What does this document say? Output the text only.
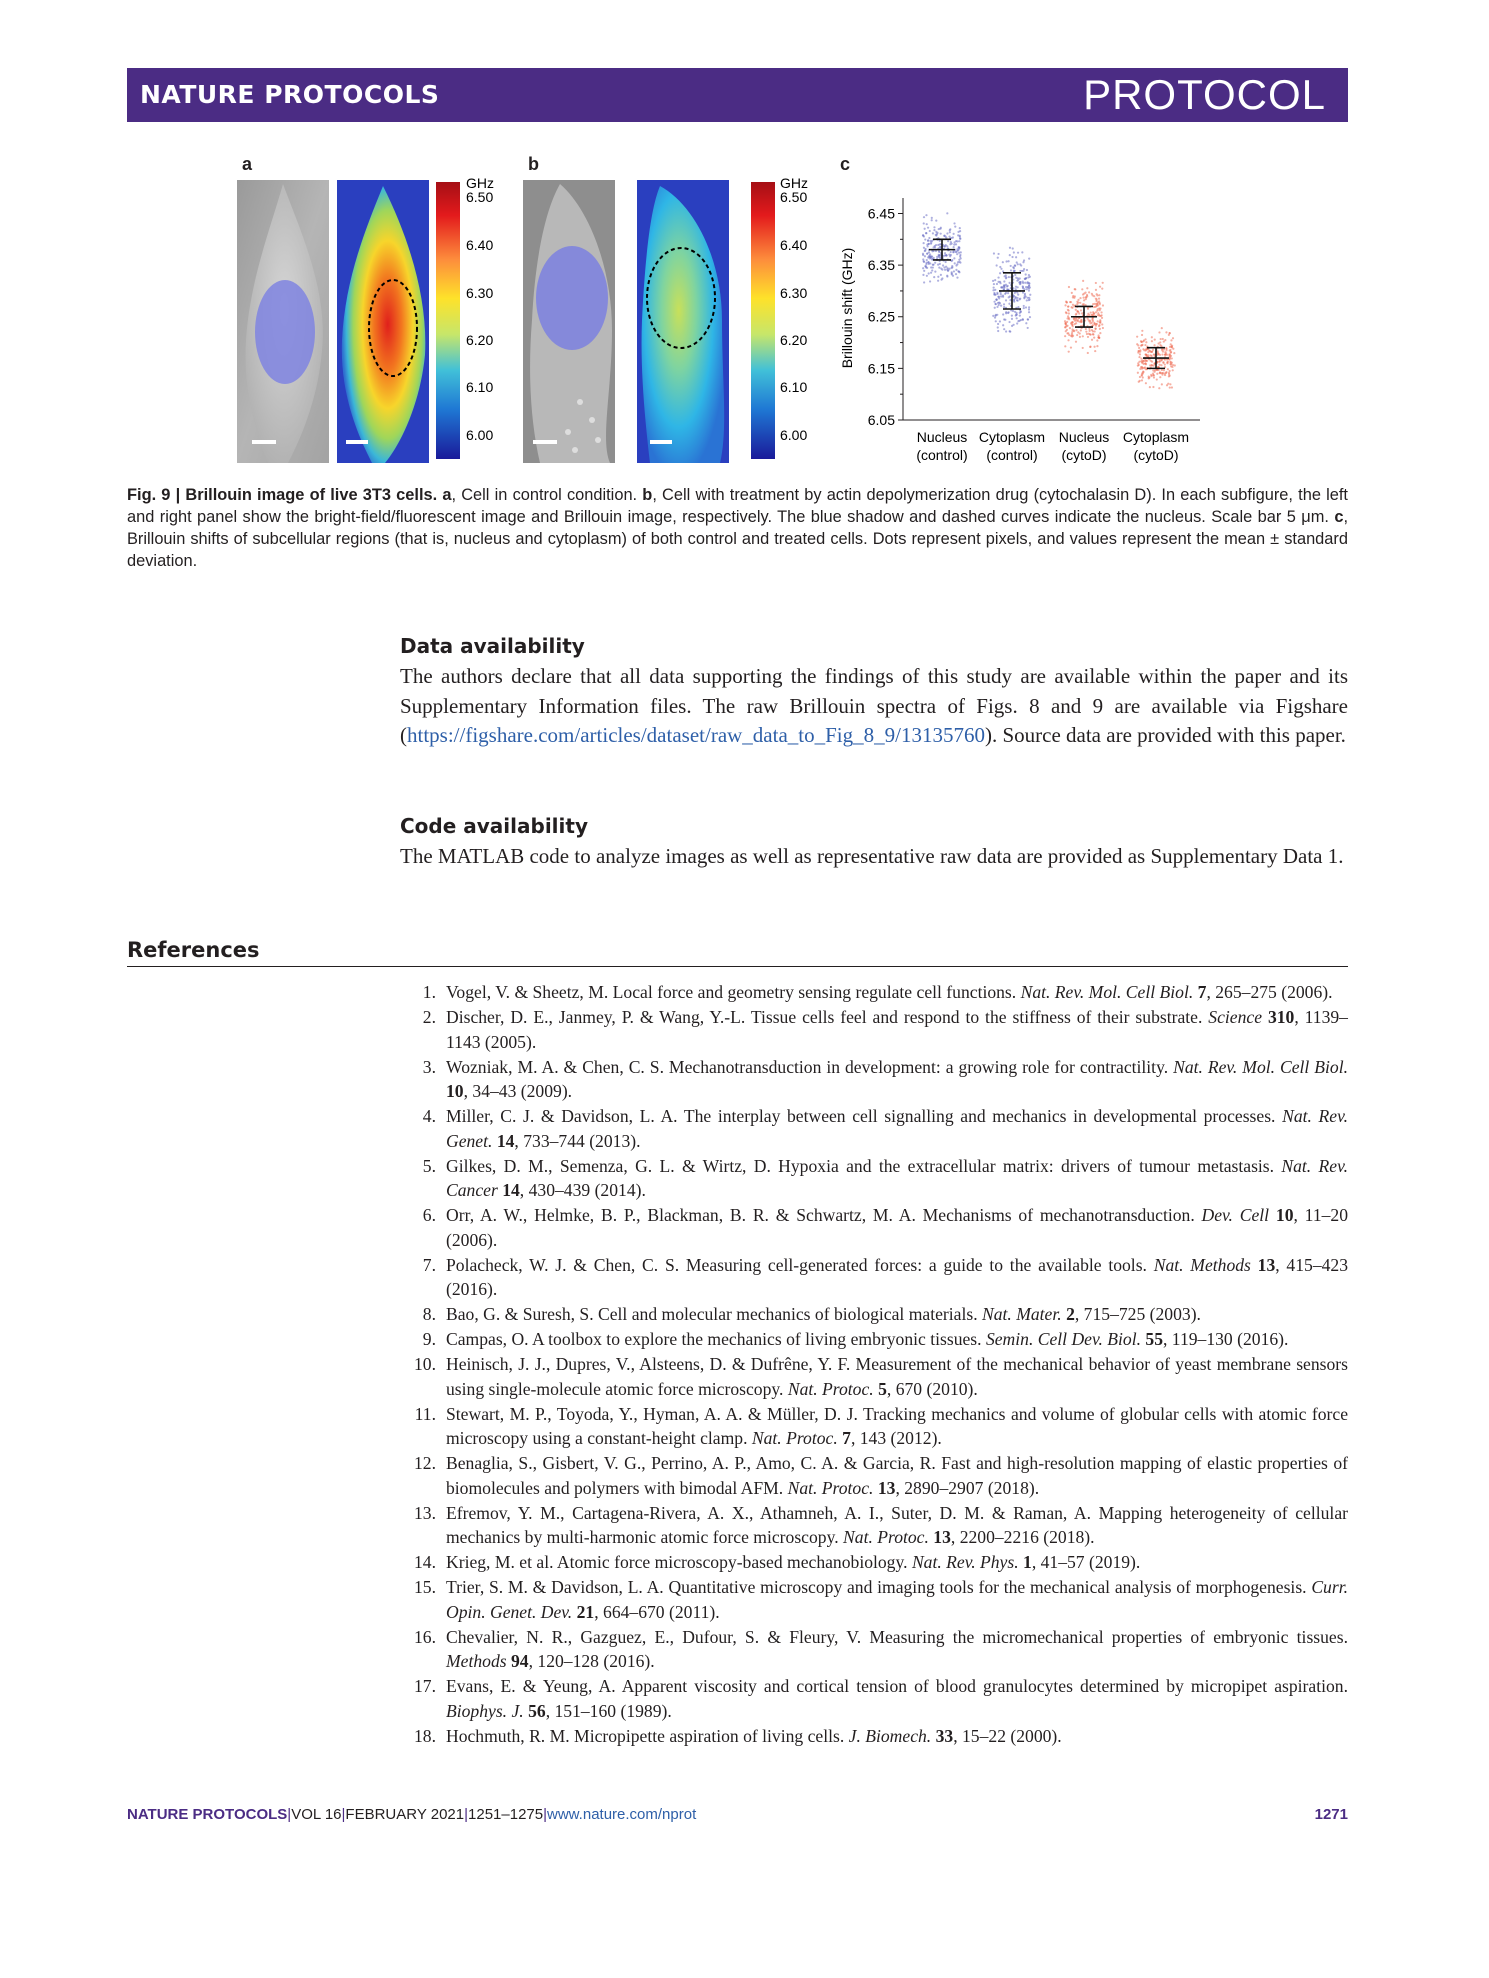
NATURE PROTOCOLS	PROTOCOL
a	b	c
GHz
6.50
6.40
6.30
6.20
6.10
6.00
GHz
6.50
6.40
6.30
6.20
6.10
6.00
Brillouin shift (GHz)
6.45
6.35
6.25
6.15
6.05
Nucleus
(control)
Cytoplasm
(control)
Nucleus
(cytoD)
Cytoplasm
(cytoD)
Fig. 9 | Brillouin image of live 3T3 cells. a, Cell in control condition. b, Cell with treatment by actin depolymerization drug (cytochalasin D). In each subfigure, the left and right panel show the bright-field/fluorescent image and Brillouin image, respectively. The blue shadow and dashed curves indicate the nucleus. Scale bar 5 μm. c, Brillouin shifts of subcellular regions (that is, nucleus and cytoplasm) of both control and treated cells. Dots represent pixels, and values represent the mean ± standard deviation.
Data availability

The authors declare that all data supporting the findings of this study are available within the paper and its Supplementary Information files. The raw Brillouin spectra of Figs. 8 and 9 are available via Figshare (https://figshare.com/articles/dataset/raw_data_to_Fig_8_9/13135760). Source data are provided with this paper.

Code availability

The MATLAB code to analyze images as well as representative raw data are provided as Supplementary Data 1.

References
1. Vogel, V. & Sheetz, M. Local force and geometry sensing regulate cell functions. Nat. Rev. Mol. Cell Biol. 7, 265–275 (2006).
2. Discher, D. E., Janmey, P. & Wang, Y.-L. Tissue cells feel and respond to the stiffness of their substrate. Science 310, 1139–1143 (2005).
3. Wozniak, M. A. & Chen, C. S. Mechanotransduction in development: a growing role for contractility. Nat. Rev. Mol. Cell Biol. 10, 34–43 (2009).
4. Miller, C. J. & Davidson, L. A. The interplay between cell signalling and mechanics in developmental processes. Nat. Rev. Genet. 14, 733–744 (2013).
5. Gilkes, D. M., Semenza, G. L. & Wirtz, D. Hypoxia and the extracellular matrix: drivers of tumour metastasis. Nat. Rev. Cancer 14, 430–439 (2014).
6. Orr, A. W., Helmke, B. P., Blackman, B. R. & Schwartz, M. A. Mechanisms of mechanotransduction. Dev. Cell 10, 11–20 (2006).
7. Polacheck, W. J. & Chen, C. S. Measuring cell-generated forces: a guide to the available tools. Nat. Methods 13, 415–423 (2016).
8. Bao, G. & Suresh, S. Cell and molecular mechanics of biological materials. Nat. Mater. 2, 715–725 (2003).
9. Campas, O. A toolbox to explore the mechanics of living embryonic tissues. Semin. Cell Dev. Biol. 55, 119–130 (2016).
10. Heinisch, J. J., Dupres, V., Alsteens, D. & Dufrêne, Y. F. Measurement of the mechanical behavior of yeast membrane sensors using single-molecule atomic force microscopy. Nat. Protoc. 5, 670 (2010).
11. Stewart, M. P., Toyoda, Y., Hyman, A. A. & Müller, D. J. Tracking mechanics and volume of globular cells with atomic force microscopy using a constant-height clamp. Nat. Protoc. 7, 143 (2012).
12. Benaglia, S., Gisbert, V. G., Perrino, A. P., Amo, C. A. & Garcia, R. Fast and high-resolution mapping of elastic properties of biomolecules and polymers with bimodal AFM. Nat. Protoc. 13, 2890–2907 (2018).
13. Efremov, Y. M., Cartagena-Rivera, A. X., Athamneh, A. I., Suter, D. M. & Raman, A. Mapping heterogeneity of cellular mechanics by multi-harmonic atomic force microscopy. Nat. Protoc. 13, 2200–2216 (2018).
14. Krieg, M. et al. Atomic force microscopy-based mechanobiology. Nat. Rev. Phys. 1, 41–57 (2019).
15. Trier, S. M. & Davidson, L. A. Quantitative microscopy and imaging tools for the mechanical analysis of morphogenesis. Curr. Opin. Genet. Dev. 21, 664–670 (2011).
16. Chevalier, N. R., Gazguez, E., Dufour, S. & Fleury, V. Measuring the micromechanical properties of embryonic tissues. Methods 94, 120–128 (2016).
17. Evans, E. & Yeung, A. Apparent viscosity and cortical tension of blood granulocytes determined by micropipet aspiration. Biophys. J. 56, 151–160 (1989).
18. Hochmuth, R. M. Micropipette aspiration of living cells. J. Biomech. 33, 15–22 (2000).
NATURE PROTOCOLS|VOL 16|FEBRUARY 2021|1251–1275|www.nature.com/nprot	1271
